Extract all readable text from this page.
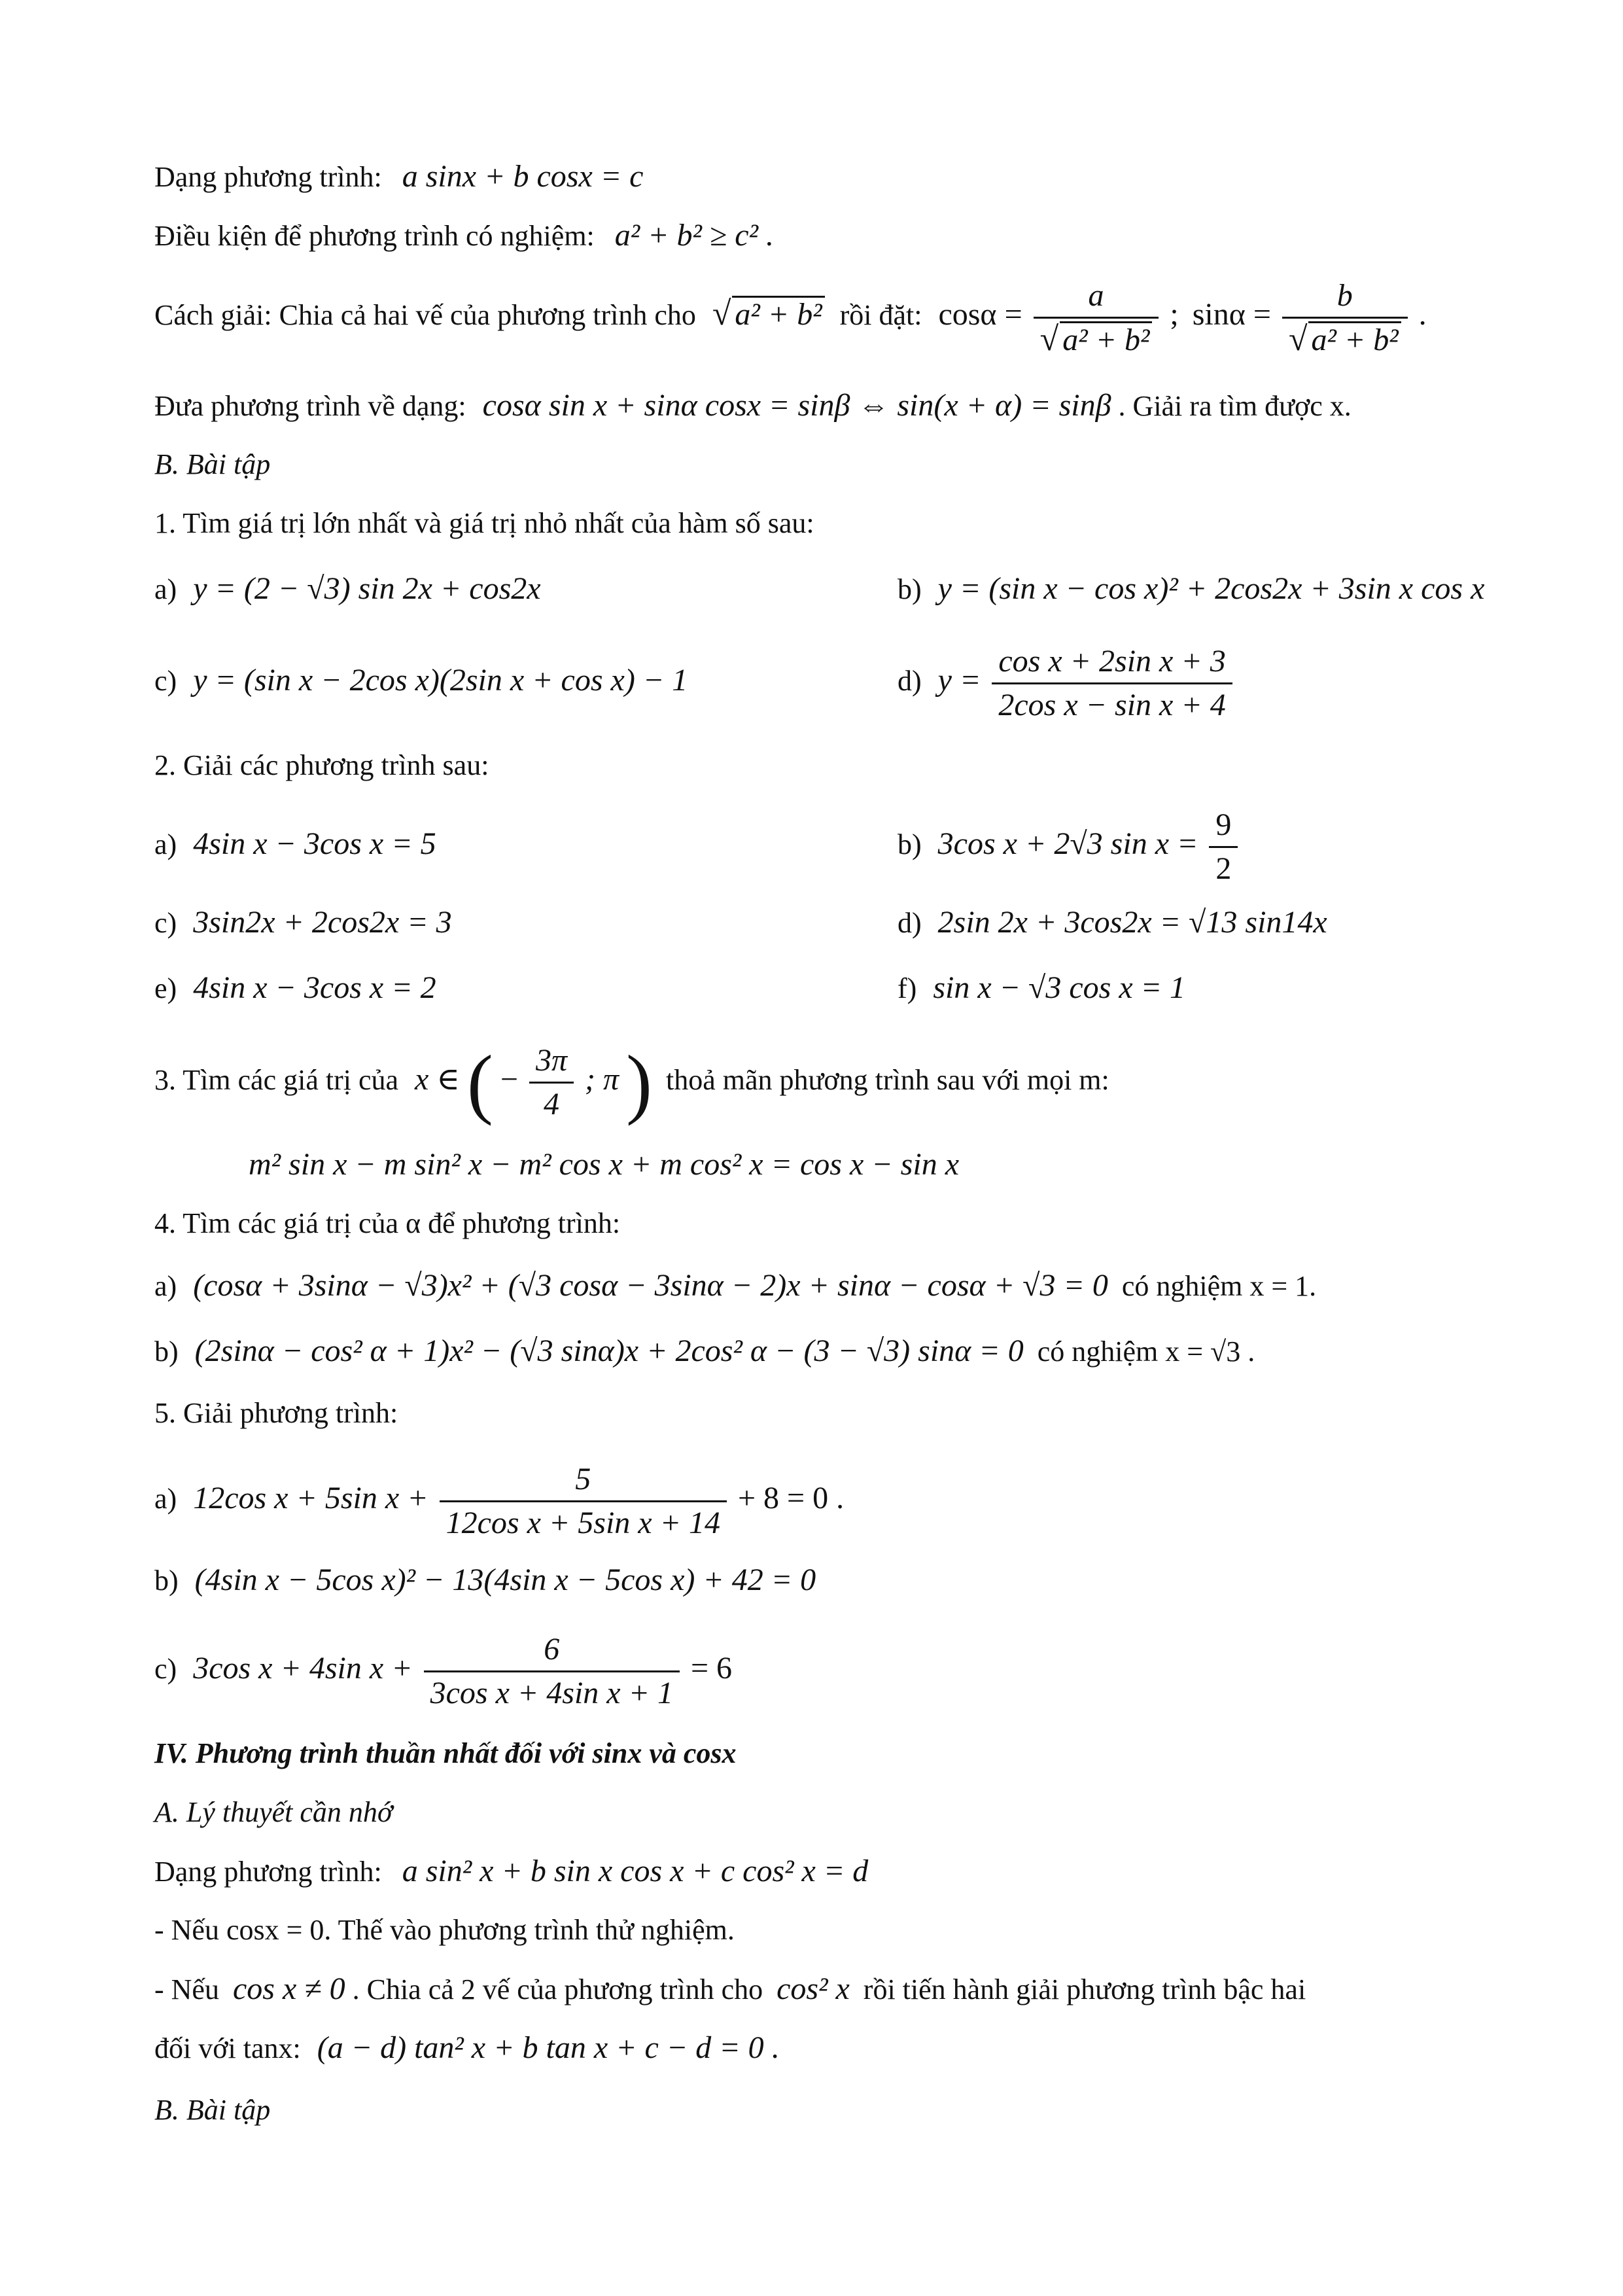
Dạng phương trình: a sinx + b cosx = c
Điều kiện để phương trình có nghiệm: a² + b² ≥ c² .
Cách giải: Chia cả hai vế của phương trình cho √ a² + b² rồi đặt: $\cos\alpha = \frac{a}{\text{√ a² + b²}}$ ; $\sin\alpha = \frac{b}{\text{√ a² + b²}}$ .
Đưa phương trình về dạng: cosα sin x + sinα cosx = sinβ ⇔ sin(x + α) = sinβ . Giải ra tìm được x.
B. Bài tập
1. Tìm giá trị lớn nhất và giá trị nhỏ nhất của hàm số sau:
a) y = (2 − √3) sin 2x + cos2x	b) y = (sin x − cos x)² + 2cos2x + 3sin x cos x
c) y = (sin x − 2cos x)(2sin x + cos x) − 1	d) $y = \frac{\text{cos x + 2sin x + 3}}{\text{2cos x − sin x + 4}}$
2. Giải các phương trình sau:
a) 4sin x − 3cos x = 5	b) 3cos x + 2√3 $\sin x = \frac{9}{2}$
c) 3sin2x + 2cos2x = 3	d) 2sin 2x + 3cos2x = √13 sin14x
e) 4sin x − 3cos x = 2	f) sin x − √3 cos x = 1
3. Tìm các giá trị của x ∈ ( − $\frac{3\pi}{4}$ ; π ) thoả mãn phương trình sau với mọi m:
m² sin x − m sin² x − m² cos x + m cos² x = cos x − sin x
4. Tìm các giá trị của α để phương trình:
a) (cosα + 3sinα − √3)x² + (√3 cosα − 3sinα − 2)x + sinα − cosα + √3 = 0 có nghiệm x = 1.
b) (2sinα − cos² α + 1)x² − (√3 sinα)x + 2cos² α − (3 − √3) sinα = 0 có nghiệm x = √3 .
5. Giải phương trình:
a) 12cos x + 5sin $x + \frac{5}{\text{12cos x + 5sin x + 14}} + 8 = 0$ .
b) (4sin x − 5cos x)² − 13(4sin x − 5cos x) + 42 = 0
c) 3cos x + 4sin $x + \frac{6}{\text{3cos x + 4sin x + 1}} = 6$
IV. Phương trình thuần nhất đối với sinx và cosx
A. Lý thuyết cần nhớ
Dạng phương trình: a sin² x + b sin x cos x + c cos² x = d
- Nếu cosx = 0. Thế vào phương trình thử nghiệm.
- Nếu cos x ≠ 0 . Chia cả 2 vế của phương trình cho cos² x rồi tiến hành giải phương trình bậc hai
đối với tanx: (a − d) tan² x + b tan x + c − d = 0 .
B. Bài tập
